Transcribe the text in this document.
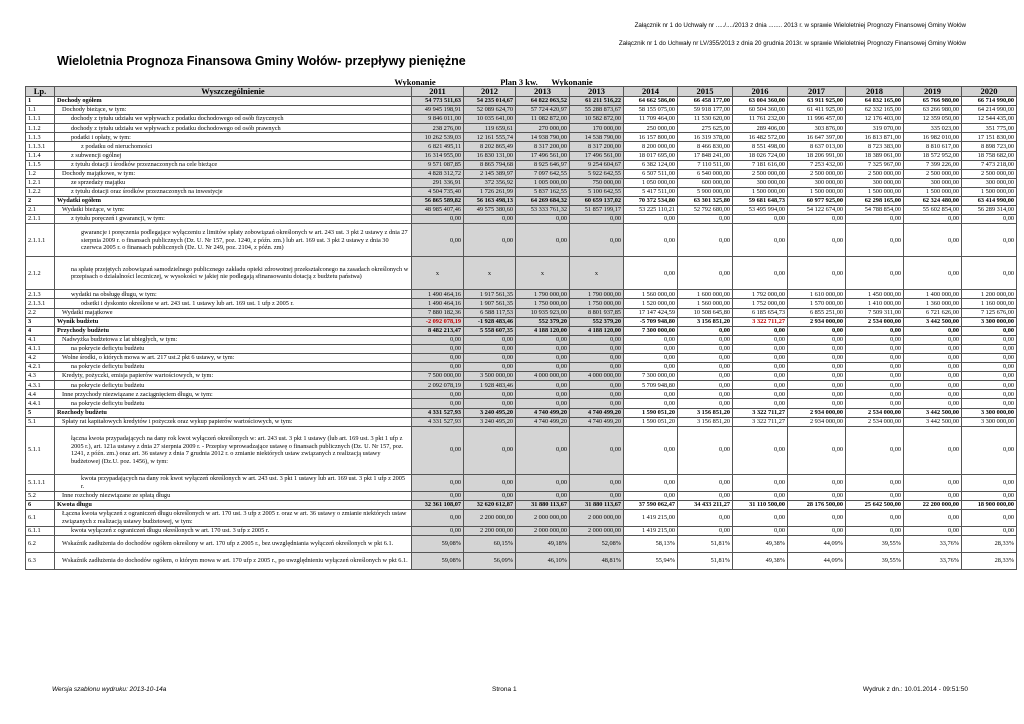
Załącznik nr 1 do Uchwały nr ...../..../2013 z dnia ........ 2013 r. w sprawie Wieloletniej Prognozy Finansowej Gminy Wołów
Załącznik nr 1 do Uchwały nr LV/355/2013 z dnia 20 grudnia 2013r. w sprawie Wieloletniej Prognozy Finansowej Gminy Wołów
Wieloletnia Prognoza Finansowa Gminy Wołów- przepływy pieniężne
Wykonanie	Plan 3 kw.	Wykonanie
Lp.	Wyszczególnienie	2011	2012	2013	2013	2014	2015	2016	2017	2018	2019	2020
1	Dochody ogółem	54 773 511,63	54 235 014,67	64 822 063,52	61 211 516,22	64 662 586,00	66 458 177,00	63 004 360,00	63 911 925,00	64 832 165,00	65 766 980,00	66 714 990,00
1.1	Dochody bieżące, w tym:	49 945 198,91	52 089 624,70	57 724 420,97	55 288 873,67	58 155 075,00	59 918 177,00	60 504 360,00	61 411 925,00	62 332 165,00	63 266 980,00	64 214 990,00
1.1.1	dochody z tytułu udziału we wpływach z podatku dochodowego od osób fizycznych	9 846 011,00	10 035 641,00	11 082 872,00	10 582 872,00	11 709 464,00	11 530 620,00	11 761 232,00	11 996 457,00	12 176 403,00	12 359 050,00	12 544 435,00
1.1.2	dochody z tytułu udziału we wpływach z podatku dochodowego od osób prawnych	238 276,00	119 659,61	270 000,00	170 000,00	250 000,00	275 625,00	289 406,00	303 876,00	319 070,00	335 023,00	351 775,00
1.1.3	podatki i opłaty, w tym:	10 262 539,03	12 161 555,74	14 938 790,00	14 538 790,00	16 157 800,00	16 319 378,00	16 482 572,00	16 647 397,00	16 813 871,00	16 982 010,00	17 151 830,00
1.1.3.1	z podatku od nieruchomości	6 821 495,11	8 202 865,49	8 317 200,00	8 317 200,00	8 200 000,00	8 466 830,00	8 551 498,00	8 637 013,00	8 723 383,00	8 810 617,00	8 898 723,00
1.1.4	z subwencji ogólnej	16 314 955,00	16 830 131,00	17 496 561,00	17 496 561,00	18 017 695,00	17 848 241,00	18 026 724,00	18 206 991,00	18 389 061,00	18 572 952,00	18 758 682,00
1.1.5	z tytułu dotacji i środków przeznaczonych na cele bieżące	9 571 087,85	8 865 794,68	8 925 646,97	9 254 604,67	6 382 124,00	7 110 511,00	7 181 616,00	7 253 432,00	7 325 967,00	7 399 226,00	7 473 218,00
1.2	Dochody majątkowe, w tym:	4 828 312,72	2 145 389,97	7 097 642,55	5 922 642,55	6 507 511,00	6 540 000,00	2 500 000,00	2 500 000,00	2 500 000,00	2 500 000,00	2 500 000,00
1.2.1	ze sprzedaży majątku	291 336,91	372 356,92	1 005 000,00	750 000,00	1 050 000,00	600 000,00	300 000,00	300 000,00	300 000,00	300 000,00	300 000,00
1.2.2	z tytułu dotacji oraz środków przeznaczonych na inwestycje	4 504 735,40	1 726 261,99	5 837 162,55	5 100 642,55	5 417 511,00	5 900 000,00	1 500 000,00	1 500 000,00	1 500 000,00	1 500 000,00	1 500 000,00
2	Wydatki ogółem	56 865 589,82	56 163 498,13	64 269 684,32	60 659 137,02	70 372 534,80	63 301 325,80	59 681 648,73	60 977 925,00	62 298 165,00	62 324 480,00	63 414 990,00
2.1	Wydatki bieżące, w tym:	48 985 407,46	49 575 380,60	53 333 761,32	51 857 199,17	53 225 110,21	52 792 680,00	53 495 994,00	54 122 674,00	54 788 854,00	55 602 854,00	56 289 314,00
2.1.1	z tytułu poręczeń i gwarancji, w tym:	0,00	0,00	0,00	0,00	0,00	0,00	0,00	0,00	0,00	0,00	0,00
2.1.1.1	gwarancje i poręczenia podlegające wyłączeniu z limitów spłaty zobowiązań określonych w art. 243 ust. 3 pkt 2 ustawy z dnia 27 sierpnia 2009 r. o finansach publicznych (Dz. U. Nr 157, poz. 1240, z późn. zm.) lub art. 169 ust. 3 pkt 2 ustawy z dnia 30 czerwca 2005 r. o finansach publicznych (Dz. U. Nr 249, poz. 2104, z późn. zm)	0,00	0,00	0,00	0,00	0,00	0,00	0,00	0,00	0,00	0,00	0,00
2.1.2	na spłatę przejętych zobowiązań samodzielnego publicznego zakładu opieki zdrowotnej przekształconego na zasadach określonych w przepisach o działalności leczniczej, w wysokości w jakiej nie podlegają sfinansowaniu dotacją z budżetu państwa)	x	x	x	x	0,00	0,00	0,00	0,00	0,00	0,00	0,00
2.1.3	wydatki na obsługę długu, w tym:	1 490 464,16	1 917 561,35	1 790 000,00	1 790 000,00	1 560 000,00	1 600 000,00	1 792 000,00	1 610 000,00	1 450 000,00	1 400 000,00	1 200 000,00
2.1.3.1	odsetki i dyskonto określone w art. 243 ust. 1 ustawy lub art. 169 ust. 1 ufp z 2005 r.	1 490 464,16	1 907 561,35	1 750 000,00	1 750 000,00	1 520 000,00	1 560 000,00	1 752 000,00	1 570 000,00	1 410 000,00	1 360 000,00	1 160 000,00
2.2	Wydatki majątkowe	7 880 182,36	6 588 117,53	10 935 923,00	8 801 937,85	17 147 424,59	10 508 645,80	6 185 654,73	6 855 251,00	7 509 311,00	6 721 626,00	7 125 676,00
3	Wynik budżetu	-2 092 078,19	-1 928 483,46	552 379,20	552 379,20	-5 709 948,80	3 156 851,20	3 322 711,27	2 934 000,00	2 534 000,00	3 442 500,00	3 300 000,00
4	Przychody budżetu	8 482 213,47	5 558 607,35	4 188 120,00	4 188 120,00	7 300 000,00	0,00	0,00	0,00	0,00	0,00	0,00
4.1	Nadwyżka budżetowa z lat ubiegłych, w tym:	0,00	0,00	0,00	0,00	0,00	0,00	0,00	0,00	0,00	0,00	0,00
4.1.1	na pokrycie deficytu budżetu	0,00	0,00	0,00	0,00	0,00	0,00	0,00	0,00	0,00	0,00	0,00
4.2	Wolne środki, o których mowa w art. 217 ust.2 pkt 6 ustawy, w tym:	0,00	0,00	0,00	0,00	0,00	0,00	0,00	0,00	0,00	0,00	0,00
4.2.1	na pokrycie deficytu budżetu	0,00	0,00	0,00	0,00	0,00	0,00	0,00	0,00	0,00	0,00	0,00
4.3	Kredyty, pożyczki, emisja papierów wartościowych, w tym:	7 500 000,00	3 500 000,00	4 000 000,00	4 000 000,00	7 300 000,00	0,00	0,00	0,00	0,00	0,00	0,00
4.3.1	na pokrycie deficytu budżetu	2 092 078,19	1 928 483,46	0,00	0,00	5 709 948,80	0,00	0,00	0,00	0,00	0,00	0,00
4.4	Inne przychody niezwiązane z zaciągnięciem długu, w tym:	0,00	0,00	0,00	0,00	0,00	0,00	0,00	0,00	0,00	0,00	0,00
4.4.1	na pokrycie deficytu budżetu	0,00	0,00	0,00	0,00	0,00	0,00	0,00	0,00	0,00	0,00	0,00
5	Rozchody budżetu	4 331 527,93	3 240 495,20	4 740 499,20	4 740 499,20	1 590 051,20	3 156 851,20	3 322 711,27	2 934 000,00	2 534 000,00	3 442 500,00	3 300 000,00
5.1	Spłaty rat kapitałowych kredytów i pożyczek oraz wykup papierów wartościowych, w tym:	4 331 527,93	3 240 495,20	4 740 499,20	4 740 499,20	1 590 051,20	3 156 851,20	3 322 711,27	2 934 000,00	2 534 000,00	3 442 500,00	3 300 000,00
5.1.1	łączna kwota przypadających na dany rok kwot wyłączeń określonych w: art. 243 ust. 3 pkt 1 ustawy (lub art. 169 ust. 3 pkt 1 ufp z 2005 r.), art. 121a ustawy z dnia 27 sierpnia 2009 r. - Przepisy wprowadzające ustawę o finansach publicznych (Dz. U. Nr 157, poz. 1241, z późn. zm.) oraz art. 36 ustawy z dnia 7 grudnia 2012 r. o zmianie niektórych ustaw związanych z realizacją ustawy budżetowej (Dz.U. poz. 1456), w tym:	0,00	0,00	0,00	0,00	0,00	0,00	0,00	0,00	0,00	0,00	0,00
5.1.1.1	kwota przypadających na dany rok kwot wyłączeń określonych w art. 243 ust. 3 pkt 1 ustawy lub art. 169 ust. 3 pkt 1 ufp z 2005 r.	0,00	0,00	0,00	0,00	0,00	0,00	0,00	0,00	0,00	0,00	0,00
5.2	Inne rozchody niezwiązane ze spłatą długu	0,00	0,00	0,00	0,00	0,00	0,00	0,00	0,00	0,00	0,00	0,00
6	Kwota długu	32 361 108,07	32 620 612,87	31 880 113,67	31 880 113,67	37 590 062,47	34 433 211,27	31 110 500,00	28 176 500,00	25 642 500,00	22 200 000,00	18 900 000,00
6.1	Łączna kwota wyłączeń z ograniczeń długu określonych w art. 170 ust. 3 ufp z 2005 r. oraz w art. 36 ustawy o zmianie niektórych ustaw związanych z realizacją ustawy budżetowej, w tym:	0,00	2 200 000,00	2 000 000,00	2 000 000,00	1 419 215,00	0,00	0,00	0,00	0,00	0,00	0,00
6.1.1	kwota wyłączeń z ograniczeń długu określonych w art. 170 ust. 3 ufp z 2005 r.	0,00	2 200 000,00	2 000 000,00	2 000 000,00	1 419 215,00	0,00	0,00	0,00	0,00	0,00	0,00
6.2	Wskaźnik zadłużenia do dochodów ogółem określony w art. 170 ufp z 2005 r., bez uwzględniania wyłączeń określonych w pkt 6.1.	59,08%	60,15%	49,18%	52,08%	58,13%	51,81%	49,38%	44,09%	39,55%	33,76%	28,33%
6.3	Wskaźnik zadłużenia do dochodów ogółem, o którym mowa w art. 170 ufp z 2005 r., po uwzględnieniu wyłączeń określonych w pkt 6.1.	59,08%	56,09%	46,10%	48,81%	55,94%	51,81%	49,38%	44,09%	39,55%	33,76%	28,33%
Wersja szablonu wydruku: 2013-10-14a	Strona 1	Wydruk z dn.: 10.01.2014 - 09:51:50
